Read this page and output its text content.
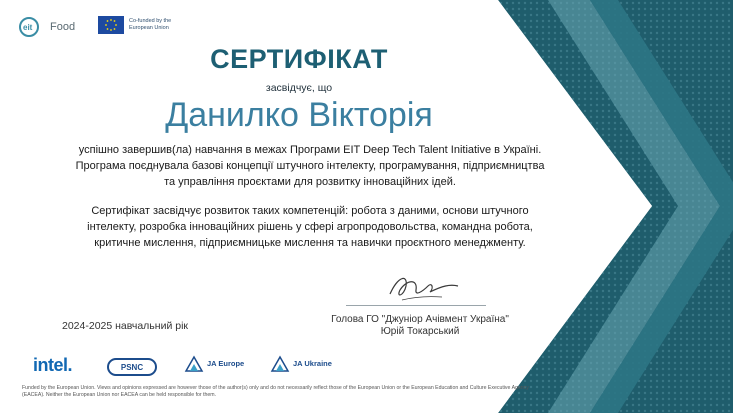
eit Food	Co-funded by the European Union
СЕРТИФІКАТ
засвідчує, що
Данилко Вікторія
успішно завершив(ла) навчання в межах Програми EIT Deep Tech Talent Initiative в Україні.
Програма поєднувала базові концепції штучного інтелекту, програмування, підприємництва
та управління проєктами для розвитку інноваційних ідей.
Сертифікат засвідчує розвиток таких компетенцій: робота з даними, основи штучного
інтелекту, розробка інноваційних рішень у сфері агропродовольства, командна робота,
критичне мислення, підприємницьке мислення та навички проєктного менеджменту.
Голова ГО "Джуніор Ачівмент Україна"
Юрій Токарський
2024-2025 навчальний рік
intel.	PSNC	JA Europe	JA Ukraine
Funded by the European Union. Views and opinions expressed are however those of the author(s) only and do not necessarily reflect those of the European Union or the European Education and Culture Executive Agency (EACEA). Neither the European Union nor EACEA can be held responsible for them.
